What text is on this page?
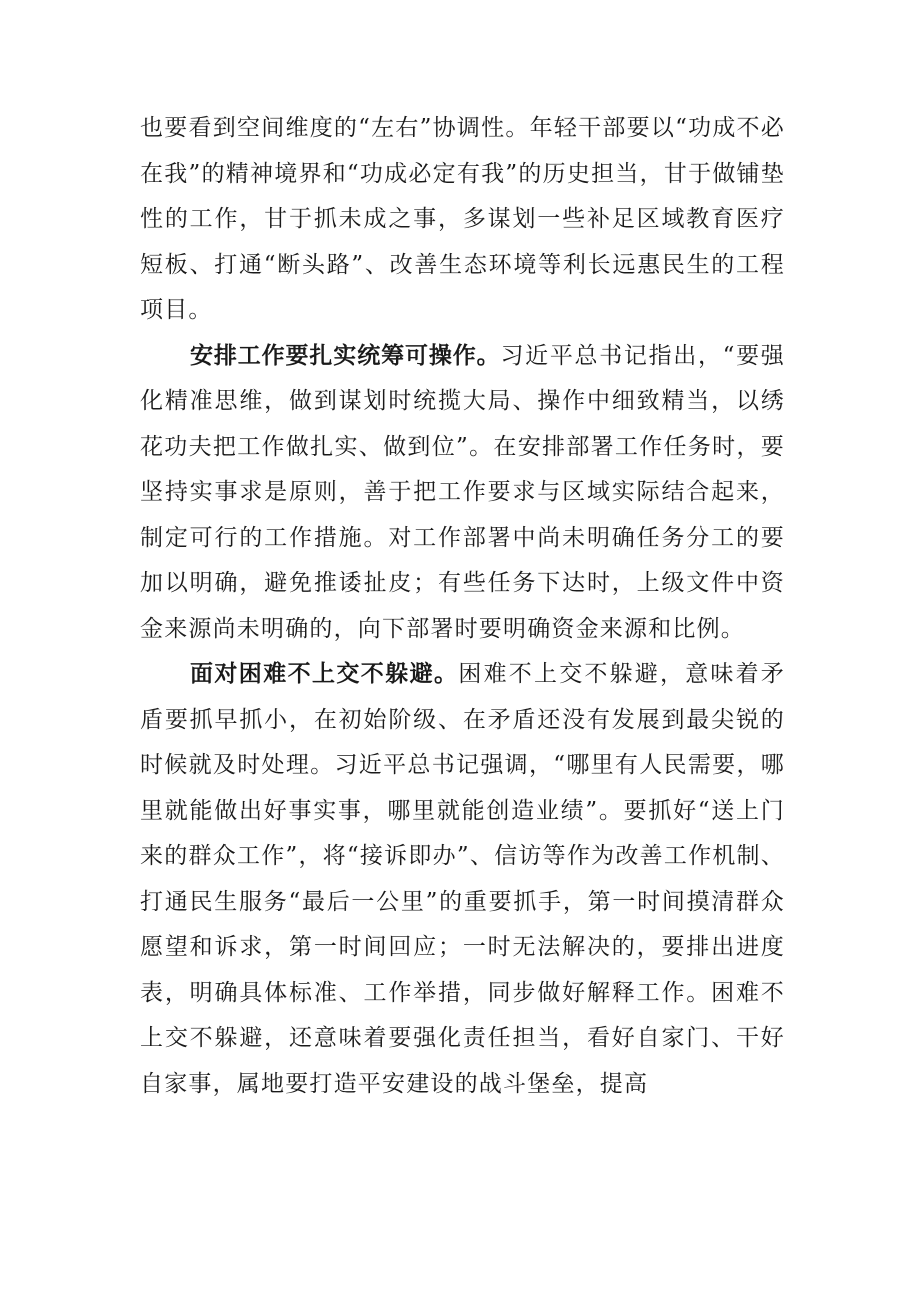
也要看到空间维度的“左右”协调性。年轻干部要以“功成不必在我”的精神境界和“功成必定有我”的历史担当，甘于做铺垫性的工作，甘于抓未成之事，多谋划一些补足区域教育医疗短板、打通“断头路”、改善生态环境等利长远惠民生的工程项目。

安排工作要扎实统筹可操作。习近平总书记指出，“要强化精准思维，做到谋划时统揽大局、操作中细致精当，以绣花功夫把工作做扎实、做到位”。在安排部署工作任务时，要坚持实事求是原则，善于把工作要求与区域实际结合起来，制定可行的工作措施。对工作部署中尚未明确任务分工的要加以明确，避免推诿扯皮；有些任务下达时，上级文件中资金来源尚未明确的，向下部署时要明确资金来源和比例。

面对困难不上交不躲避。困难不上交不躲避，意味着矛盾要抓早抓小，在初始阶级、在矛盾还没有发展到最尖锐的时候就及时处理。习近平总书记强调，“哪里有人民需要，哪里就能做出好事实事，哪里就能创造业绩”。要抓好“送上门来的群众工作”，将“接诉即办”、信访等作为改善工作机制、打通民生服务“最后一公里”的重要抓手，第一时间摸清群众愿望和诉求，第一时间回应；一时无法解决的，要排出进度表，明确具体标准、工作举措，同步做好解释工作。困难不上交不躲避，还意味着要强化责任担当，看好自家门、干好自家事，属地要打造平安建设的战斗堡垒，提高
